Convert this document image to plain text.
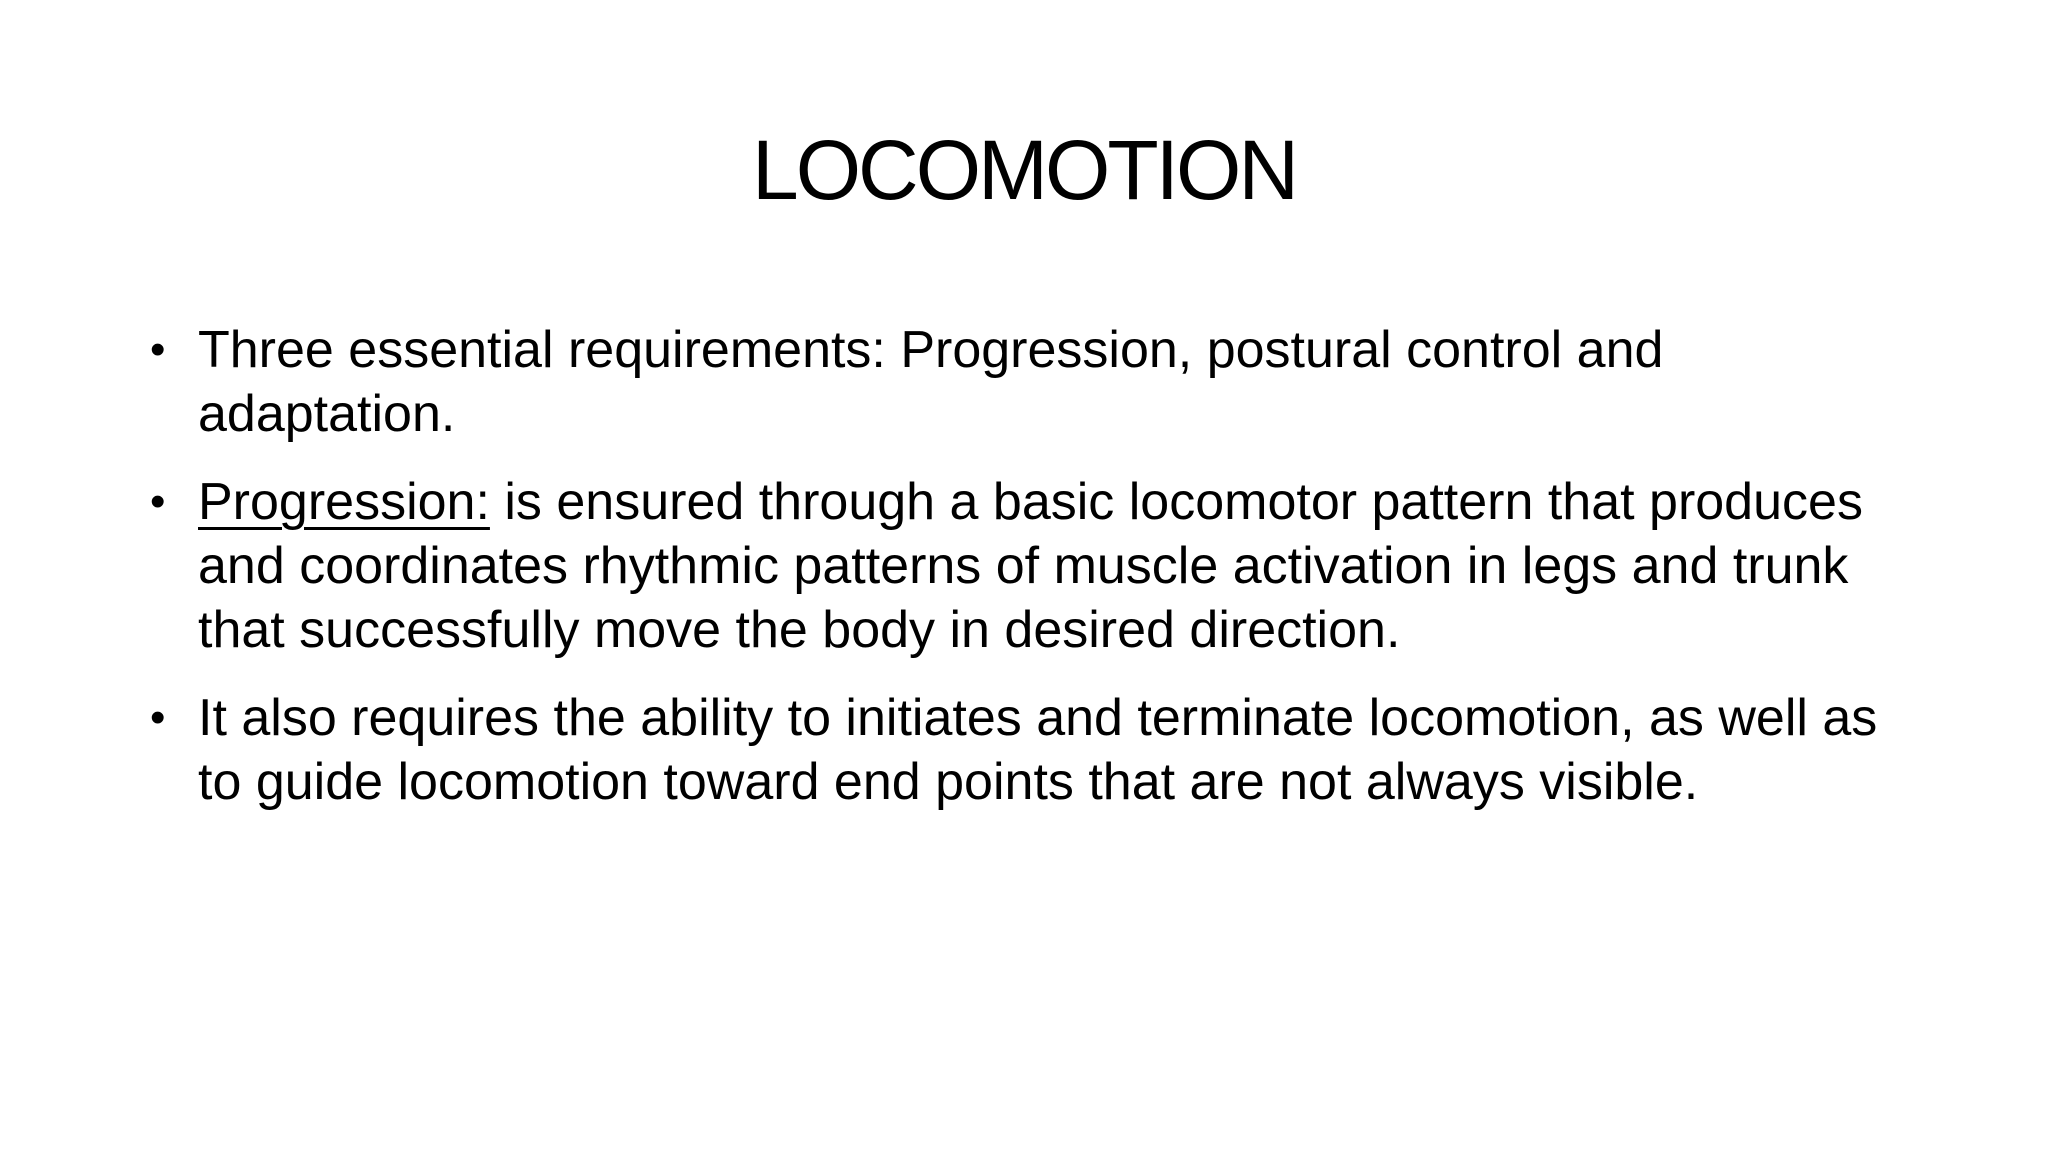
LOCOMOTION
• Three essential requirements: Progression, postural control and adaptation.
• Progression: is ensured through a basic locomotor pattern that produces and coordinates rhythmic patterns of muscle activation in legs and trunk that successfully move the body in desired direction.
• It also requires the ability to initiates and terminate locomotion, as well as to guide locomotion toward end points that are not always visible.
